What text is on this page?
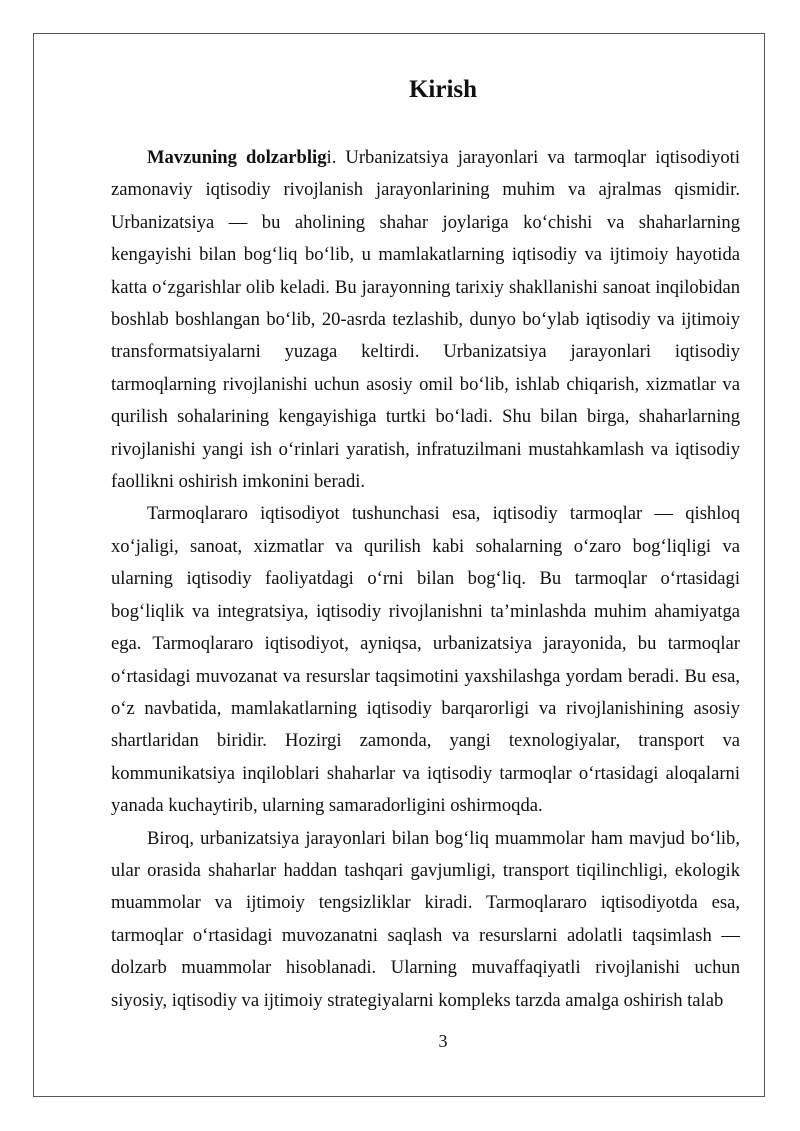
Kirish

Mavzuning dolzarbligi. Urbanizatsiya jarayonlari va tarmoqlar iqtisodiyoti zamonaviy iqtisodiy rivojlanish jarayonlarining muhim va ajralmas qismidir. Urbanizatsiya — bu aholining shahar joylariga ko‘chishi va shaharlarning kengayishi bilan bog‘liq bo‘lib, u mamlakatlarning iqtisodiy va ijtimoiy hayotida katta o‘zgarishlar olib keladi. Bu jarayonning tarixiy shakllanishi sanoat inqilobidan boshlab boshlangan bo‘lib, 20-asrda tezlashib, dunyo bo‘ylab iqtisodiy va ijtimoiy transformatsiyalarni yuzaga keltirdi. Urbanizatsiya jarayonlari iqtisodiy tarmoqlarning rivojlanishi uchun asosiy omil bo‘lib, ishlab chiqarish, xizmatlar va qurilish sohalarining kengayishiga turtki bo‘ladi. Shu bilan birga, shaharlarning rivojlanishi yangi ish o‘rinlari yaratish, infratuzilmani mustahkamlash va iqtisodiy faollikni oshirish imkonini beradi.

Tarmoqlararo iqtisodiyot tushunchasi esa, iqtisodiy tarmoqlar — qishloq xo‘jaligi, sanoat, xizmatlar va qurilish kabi sohalarning o‘zaro bog‘liqligi va ularning iqtisodiy faoliyatdagi o‘rni bilan bog‘liq. Bu tarmoqlar o‘rtasidagi bog‘liqlik va integratsiya, iqtisodiy rivojlanishni ta’minlashda muhim ahamiyatga ega. Tarmoqlararo iqtisodiyot, ayniqsa, urbanizatsiya jarayonida, bu tarmoqlar o‘rtasidagi muvozanat va resurslar taqsimotini yaxshilashga yordam beradi. Bu esa, o‘z navbatida, mamlakatlarning iqtisodiy barqarorligi va rivojlanishining asosiy shartlaridan biridir. Hozirgi zamonda, yangi texnologiyalar, transport va kommunikatsiya inqiloblari shaharlar va iqtisodiy tarmoqlar o‘rtasidagi aloqalarni yanada kuchaytirib, ularning samaradorligini oshirmoqda.

Biroq, urbanizatsiya jarayonlari bilan bog‘liq muammolar ham mavjud bo‘lib, ular orasida shaharlar haddan tashqari gavjumligi, transport tiqilinchligi, ekologik muammolar va ijtimoiy tengsizliklar kiradi. Tarmoqlararo iqtisodiyotda esa, tarmoqlar o‘rtasidagi muvozanatni saqlash va resurslarni adolatli taqsimlash — dolzarb muammolar hisoblanadi. Ularning muvaffaqiyatli rivojlanishi uchun siyosiy, iqtisodiy va ijtimoiy strategiyalarni kompleks tarzda amalga oshirish talab

3
